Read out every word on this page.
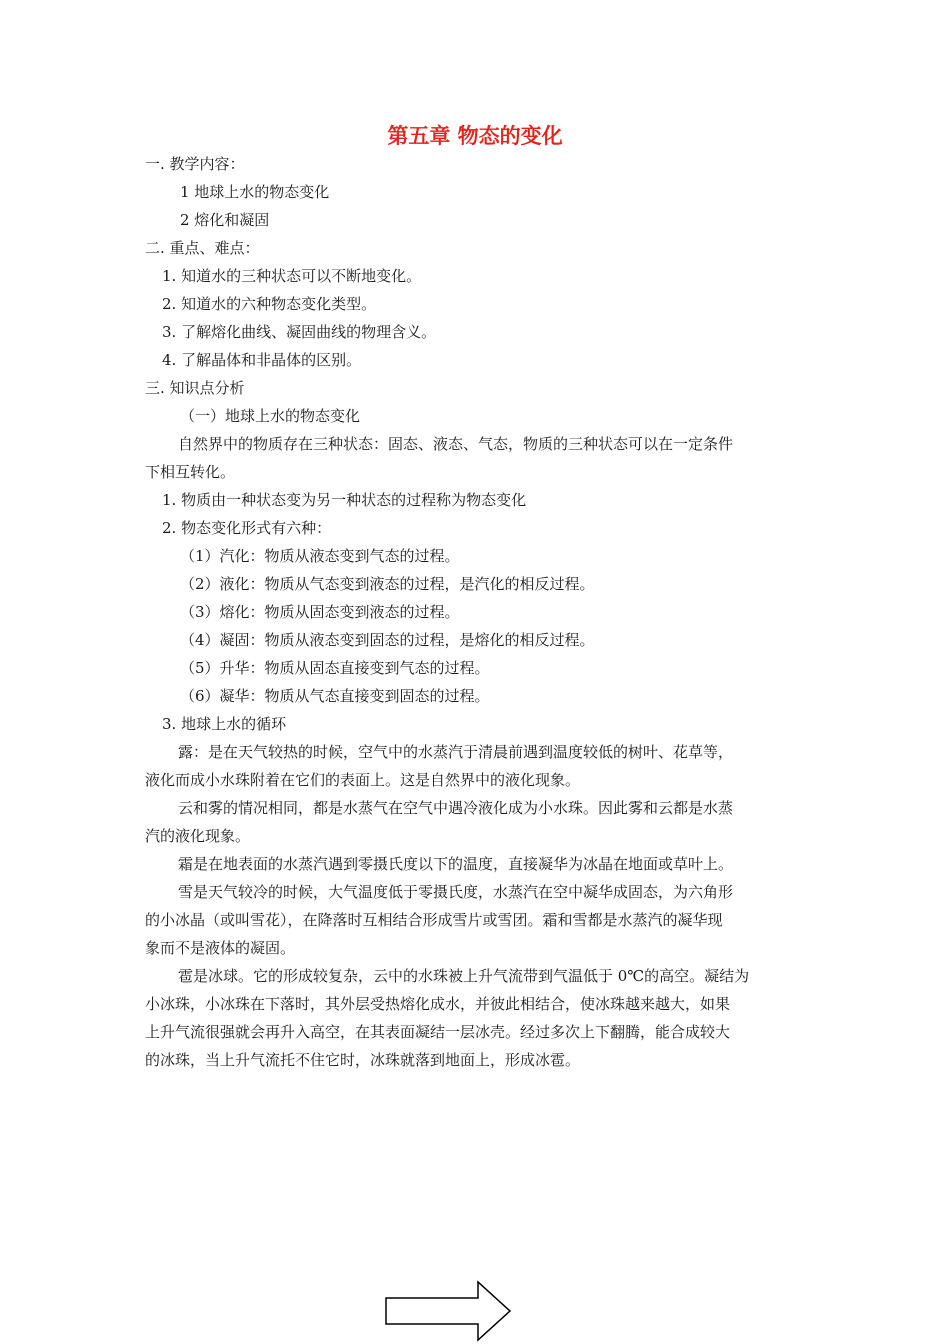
第五章 物态的变化
一. 教学内容：
1 地球上水的物态变化
2 熔化和凝固
二. 重点、难点：
1. 知道水的三种状态可以不断地变化。
2. 知道水的六种物态变化类型。
3. 了解熔化曲线、凝固曲线的物理含义。
4. 了解晶体和非晶体的区别。
三. 知识点分析
（一）地球上水的物态变化
自然界中的物质存在三种状态：固态、液态、气态，物质的三种状态可以在一定条件
下相互转化。
1. 物质由一种状态变为另一种状态的过程称为物态变化
2. 物态变化形式有六种：
（1）汽化：物质从液态变到气态的过程。
（2）液化：物质从气态变到液态的过程，是汽化的相反过程。
（3）熔化：物质从固态变到液态的过程。
（4）凝固：物质从液态变到固态的过程，是熔化的相反过程。
（5）升华：物质从固态直接变到气态的过程。
（6）凝华：物质从气态直接变到固态的过程。
3. 地球上水的循环
露：是在天气较热的时候，空气中的水蒸汽于清晨前遇到温度较低的树叶、花草等，
液化而成小水珠附着在它们的表面上。这是自然界中的液化现象。
云和雾的情况相同，都是水蒸气在空气中遇冷液化成为小水珠。因此雾和云都是水蒸
汽的液化现象。
霜是在地表面的水蒸汽遇到零摄氏度以下的温度，直接凝华为冰晶在地面或草叶上。
雪是天气较冷的时候，大气温度低于零摄氏度，水蒸汽在空中凝华成固态，为六角形
的小冰晶（或叫雪花），在降落时互相结合形成雪片或雪团。霜和雪都是水蒸汽的凝华现
象而不是液体的凝固。
雹是冰球。它的形成较复杂，云中的水珠被上升气流带到气温低于 0℃的高空。凝结为
小冰珠，小冰珠在下落时，其外层受热熔化成水，并彼此相结合，使冰珠越来越大，如果
上升气流很强就会再升入高空，在其表面凝结一层冰壳。经过多次上下翻腾，能合成较大
的冰珠，当上升气流托不住它时，冰珠就落到地面上，形成冰雹。
